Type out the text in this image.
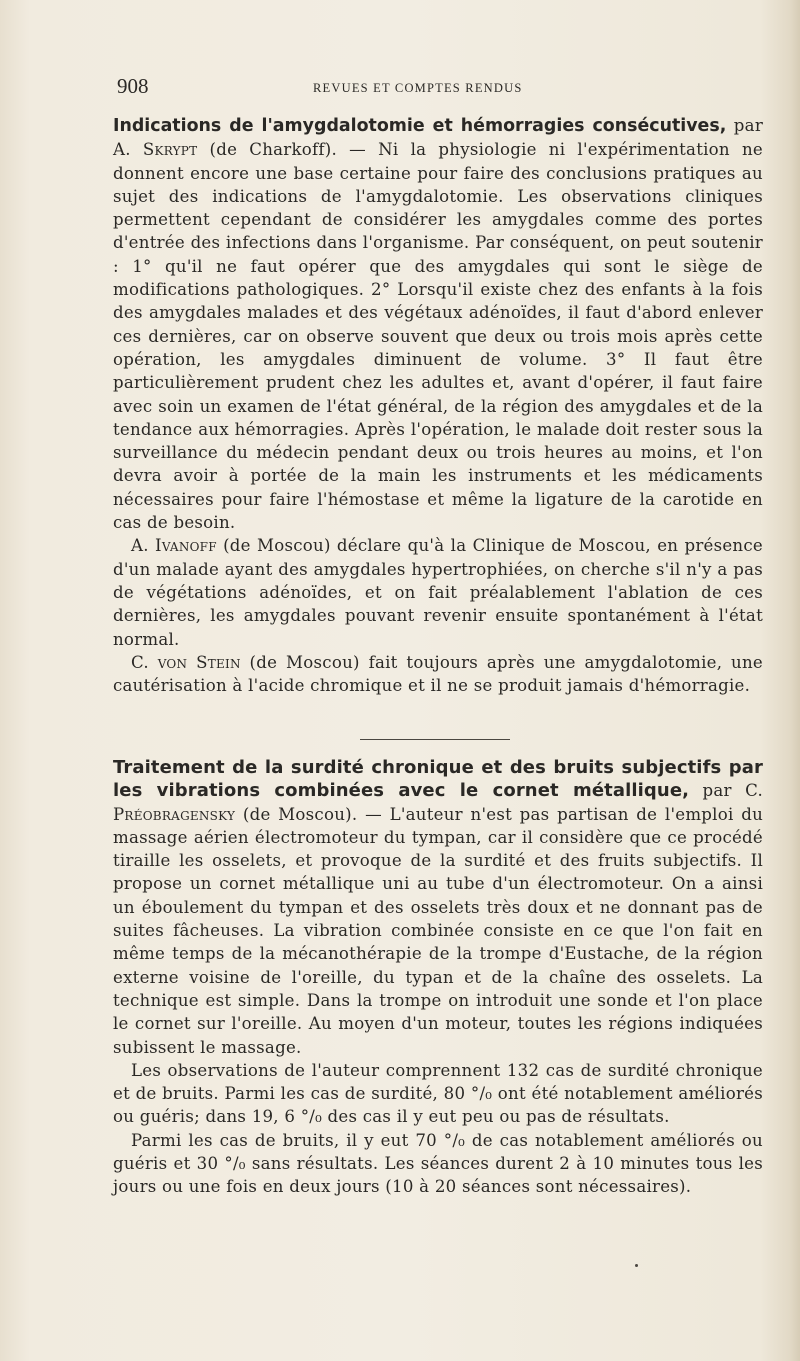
908	REVUES ET COMPTES RENDUS

Indications de l'amygdalotomie et hémorragies consécutives, par A. Skrypt (de Charkoff). — Ni la physiologie ni l'expérimentation ne donnent encore une base certaine pour faire des conclusions pratiques au sujet des indications de l'amygdalotomie. Les observations cliniques permettent cependant de considérer les amygdales comme des portes d'entrée des infections dans l'organisme. Par conséquent, on peut soutenir : 1° qu'il ne faut opérer que des amygdales qui sont le siège de modifications pathologiques. 2° Lorsqu'il existe chez des enfants à la fois des amygdales malades et des végétaux adénoïdes, il faut d'abord enlever ces dernières, car on observe souvent que deux ou trois mois après cette opération, les amygdales diminuent de volume. 3° Il faut être particulièrement prudent chez les adultes et, avant d'opérer, il faut faire avec soin un examen de l'état général, de la région des amygdales et de la tendance aux hémorragies. Après l'opération, le malade doit rester sous la surveillance du médecin pendant deux ou trois heures au moins, et l'on devra avoir à portée de la main les instruments et les médicaments nécessaires pour faire l'hémostase et même la ligature de la carotide en cas de besoin.

A. Ivanoff (de Moscou) déclare qu'à la Clinique de Moscou, en présence d'un malade ayant des amygdales hypertrophiées, on cherche s'il n'y a pas de végétations adénoïdes, et on fait préalablement l'ablation de ces dernières, les amygdales pouvant revenir ensuite spontanément à l'état normal.

C. von Stein (de Moscou) fait toujours après une amygdalotomie, une cautérisation à l'acide chromique et il ne se produit jamais d'hémorragie.

Traitement de la surdité chronique et des bruits subjectifs par les vibrations combinées avec le cornet métallique, par C. Préobragensky (de Moscou). — L'auteur n'est pas partisan de l'emploi du massage aérien électromoteur du tympan, car il considère que ce procédé tiraille les osselets, et provoque de la surdité et des fruits subjectifs. Il propose un cornet métallique uni au tube d'un électromoteur. On a ainsi un éboulement du tympan et des osselets très doux et ne donnant pas de suites fâcheuses. La vibration combinée consiste en ce que l'on fait en même temps de la mécanothérapie de la trompe d'Eustache, de la région externe voisine de l'oreille, du typan et de la chaîne des osselets. La technique est simple. Dans la trompe on introduit une sonde et l'on place le cornet sur l'oreille. Au moyen d'un moteur, toutes les régions indiquées subissent le massage.

Les observations de l'auteur comprennent 132 cas de surdité chronique et de bruits. Parmi les cas de surdité, 80 °/₀ ont été notablement améliorés ou guéris; dans 19, 6 °/₀ des cas il y eut peu ou pas de résultats.

Parmi les cas de bruits, il y eut 70 °/₀ de cas notablement améliorés ou guéris et 30 °/₀ sans résultats. Les séances durent 2 à 10 minutes tous les jours ou une fois en deux jours (10 à 20 séances sont nécessaires).
